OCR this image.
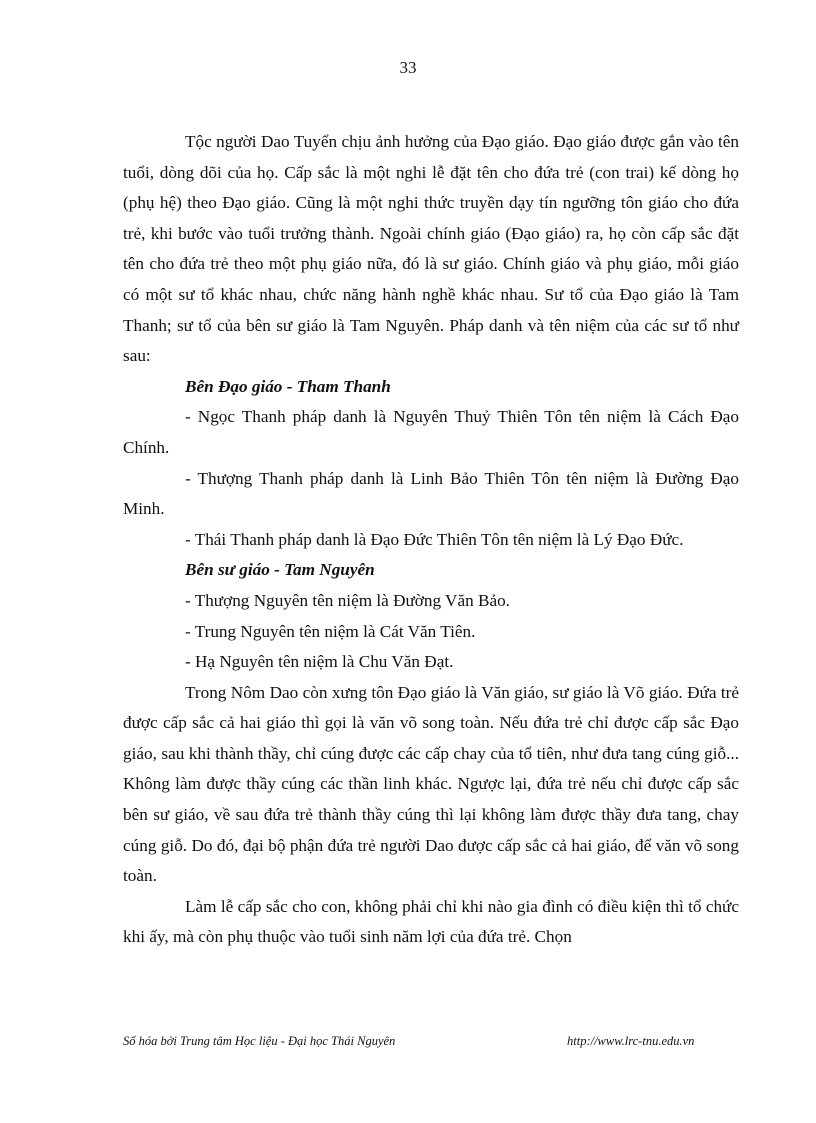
33

Tộc người Dao Tuyển chịu ảnh hưởng của Đạo giáo. Đạo giáo được gắn vào tên tuổi, dòng dõi của họ. Cấp sắc là một nghi lễ đặt tên cho đứa trẻ (con trai) kế dòng họ (phụ hệ) theo Đạo giáo. Cũng là một nghi thức truyền dạy tín ngưỡng tôn giáo cho đứa trẻ, khi bước vào tuổi trưởng thành. Ngoài chính giáo (Đạo giáo) ra, họ còn cấp sắc đặt tên cho đứa trẻ theo một phụ giáo nữa, đó là sư giáo. Chính giáo và phụ giáo, mỗi giáo có một sư tổ khác nhau, chức năng hành nghề khác nhau. Sư tổ của Đạo giáo là Tam Thanh; sư tổ của bên sư giáo là Tam Nguyên. Pháp danh và tên niệm của các sư tổ như sau:

Bên Đạo giáo - Tham Thanh

- Ngọc Thanh pháp danh là Nguyên Thuỷ Thiên Tôn tên niệm là Cách Đạo Chính.

- Thượng Thanh pháp danh là Linh Bảo Thiên Tôn tên niệm là Đường Đạo Minh.

- Thái Thanh pháp danh là Đạo Đức Thiên Tôn tên niệm là Lý Đạo Đức.

Bên sư giáo - Tam Nguyên

- Thượng Nguyên tên niệm là Đường Văn Bảo.

- Trung Nguyên tên niệm là Cát Văn Tiên.

- Hạ Nguyên tên niệm là Chu Văn Đạt.

Trong Nôm Dao còn xưng tôn Đạo giáo là Văn giáo, sư giáo là Võ giáo. Đứa trẻ được cấp sắc cả hai giáo thì gọi là văn võ song toàn. Nếu đứa trẻ chỉ được cấp sắc Đạo giáo, sau khi thành thầy, chỉ cúng được các cấp chay của tổ tiên, như đưa tang cúng giỗ... Không làm được thầy cúng các thần linh khác. Ngược lại, đứa trẻ nếu chỉ được cấp sắc bên sư giáo, về sau đứa trẻ thành thầy cúng thì lại không làm được thầy đưa tang, chay cúng giỗ. Do đó, đại bộ phận đứa trẻ người Dao được cấp sắc cả hai giáo, để văn võ song toàn.

Làm lễ cấp sắc cho con, không phải chỉ khi nào gia đình có điều kiện thì tổ chức khi ấy, mà còn phụ thuộc vào tuổi sinh năm lợi của đứa trẻ. Chọn

Số hóa bởi Trung tâm Học liệu - Đại học Thái Nguyên	http://www.lrc-tnu.edu.vn
